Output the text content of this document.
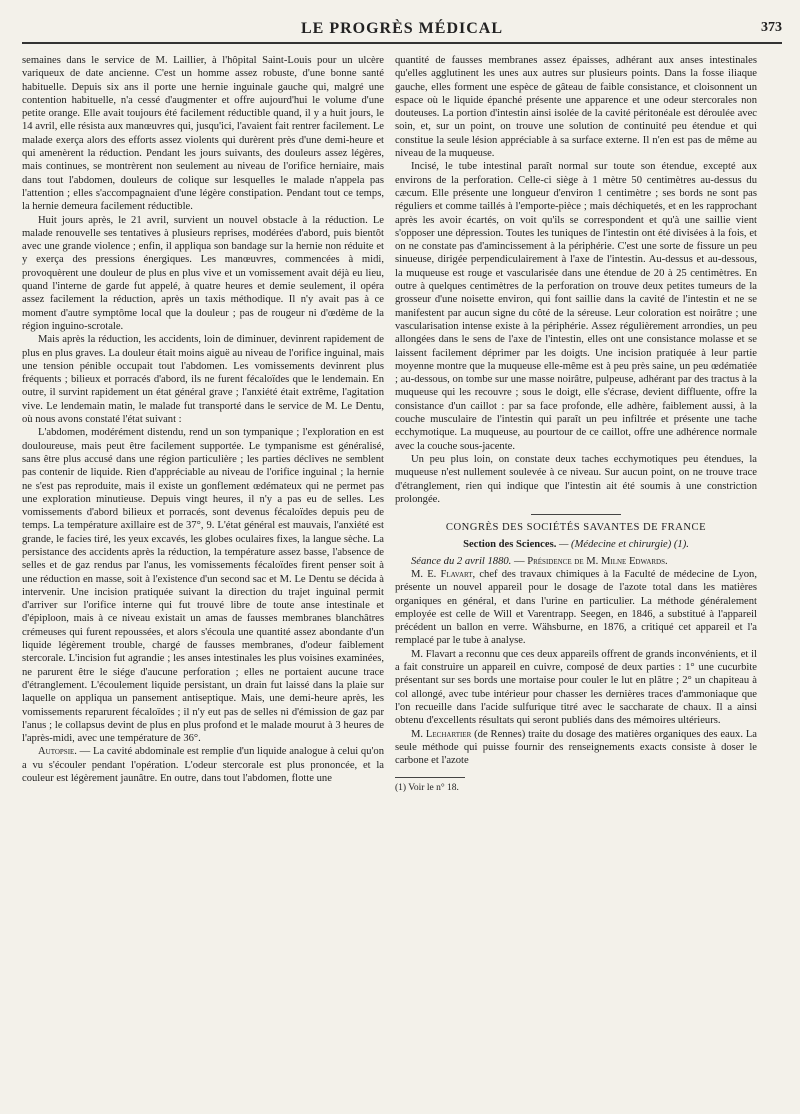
LE PROGRÈS MÉDICAL	373

semaines dans le service de M. Laillier, à l'hôpital Saint-Louis pour un ulcère variqueux de date ancienne. C'est un homme assez robuste, d'une bonne santé habituelle. Depuis six ans il porte une hernie inguinale gauche qui, malgré une contention habituelle, n'a cessé d'augmenter et offre aujourd'hui le volume d'une petite orange. Elle avait toujours été facilement réductible quand, il y a huit jours, le 14 avril, elle résista aux manœuvres qui, jusqu'ici, l'avaient fait rentrer facilement. Le malade exerça alors des efforts assez violents qui durèrent près d'une demi-heure et qui amenèrent la réduction. Pendant les jours suivants, des douleurs assez légères, mais continues, se montrèrent non seulement au niveau de l'orifice herniaire, mais dans tout l'abdomen, douleurs de colique sur lesquelles le malade n'appela pas l'attention ; elles s'accompagnaient d'une légère constipation. Pendant tout ce temps, la hernie demeura facilement réductible.

Huit jours après, le 21 avril, survient un nouvel obstacle à la réduction. Le malade renouvelle ses tentatives à plusieurs reprises, modérées d'abord, puis bientôt avec une grande violence ; enfin, il appliqua son bandage sur la hernie non réduite et y exerça des pressions énergiques. Les manœuvres, commencées à midi, provoquèrent une douleur de plus en plus vive et un vomissement avait déjà eu lieu, quand l'interne de garde fut appelé, à quatre heures et demie seulement, il opéra assez facilement la réduction, après un taxis méthodique. Il n'y avait pas à ce moment d'autre symptôme local que la douleur ; pas de rougeur ni d'œdème de la région inguino-scrotale.

Mais après la réduction, les accidents, loin de diminuer, devinrent rapidement de plus en plus graves. La douleur était moins aiguë au niveau de l'orifice inguinal, mais une tension pénible occupait tout l'abdomen. Les vomissements devinrent plus fréquents ; bilieux et porracés d'abord, ils ne furent fécaloïdes que le lendemain. En outre, il survint rapidement un état général grave ; l'anxiété était extrême, l'agitation vive. Le lendemain matin, le malade fut transporté dans le service de M. Le Dentu, où nous avons constaté l'état suivant :

L'abdomen, modérément distendu, rend un son tympanique ; l'exploration en est douloureuse, mais peut être facilement supportée. Le tympanisme est généralisé, sans être plus accusé dans une région particulière ; les parties déclives ne semblent pas contenir de liquide. Rien d'appréciable au niveau de l'orifice inguinal ; la hernie ne s'est pas reproduite, mais il existe un gonflement œdémateux qui ne permet pas une exploration minutieuse. Depuis vingt heures, il n'y a pas eu de selles. Les vomissements d'abord bilieux et porracés, sont devenus fécaloïdes depuis peu de temps. La température axillaire est de 37°, 9. L'état général est mauvais, l'anxiété est grande, le facies tiré, les yeux excavés, les globes oculaires fixes, la langue sèche. La persistance des accidents après la réduction, la température assez basse, l'absence de selles et de gaz rendus par l'anus, les vomissements fécaloïdes firent penser soit à une réduction en masse, soit à l'existence d'un second sac et M. Le Dentu se décida à intervenir. Une incision pratiquée suivant la direction du trajet inguinal permit d'arriver sur l'orifice interne qui fut trouvé libre de toute anse intestinale et d'épiploon, mais à ce niveau existait un amas de fausses membranes blanchâtres crémeuses qui furent repoussées, et alors s'écoula une quantité assez abondante d'un liquide légèrement trouble, chargé de fausses membranes, d'odeur faiblement stercorale. L'incision fut agrandie ; les anses intestinales les plus voisines examinées, ne parurent être le siége d'aucune perforation ; elles ne portaient aucune trace d'étranglement. L'écoulement liquide persistant, un drain fut laissé dans la plaie sur laquelle on appliqua un pansement antiseptique. Mais, une demi-heure après, les vomissements reparurent fécaloïdes ; il n'y eut pas de selles ni d'émission de gaz par l'anus ; le collapsus devint de plus en plus profond et le malade mourut à 3 heures de l'après-midi, avec une température de 36°.

Autopsie. — La cavité abdominale est remplie d'un liquide analogue à celui qu'on a vu s'écouler pendant l'opération. L'odeur stercorale est plus prononcée, et la couleur est légèrement jaunâtre. En outre, dans tout l'abdomen, flotte une

quantité de fausses membranes assez épaisses, adhérant aux anses intestinales qu'elles agglutinent les unes aux autres sur plusieurs points. Dans la fosse iliaque gauche, elles forment une espèce de gâteau de faible consistance, et cloisonnent un espace où le liquide épanché présente une apparence et une odeur stercorales non douteuses. La portion d'intestin ainsi isolée de la cavité péritonéale est déroulée avec soin, et, sur un point, on trouve une solution de continuité peu étendue et qui constitue la seule lésion appréciable à sa surface externe. Il n'en est pas de même au niveau de la muqueuse.

Incisé, le tube intestinal paraît normal sur toute son étendue, excepté aux environs de la perforation. Celle-ci siège à 1 mètre 50 centimètres au-dessus du cæcum. Elle présente une longueur d'environ 1 centimètre ; ses bords ne sont pas réguliers et comme taillés à l'emporte-pièce ; mais déchiquetés, et en les rapprochant après les avoir écartés, on voit qu'ils se correspondent et qu'à une saillie vient s'opposer une dépression. Toutes les tuniques de l'intestin ont été divisées à la fois, et on ne constate pas d'amincissement à la périphérie. C'est une sorte de fissure un peu sinueuse, dirigée perpendiculairement à l'axe de l'intestin. Au-dessus et au-dessous, la muqueuse est rouge et vascularisée dans une étendue de 20 à 25 centimètres. En outre à quelques centimètres de la perforation on trouve deux petites tumeurs de la grosseur d'une noisette environ, qui font saillie dans la cavité de l'intestin et ne se manifestent par aucun signe du côté de la séreuse. Leur coloration est noirâtre ; une vascularisation intense existe à la périphérie. Assez régulièrement arrondies, un peu allongées dans le sens de l'axe de l'intestin, elles ont une consistance molasse et se laissent facilement déprimer par les doigts. Une incision pratiquée à leur partie moyenne montre que la muqueuse elle-même est à peu près saine, un peu œdématiée ; au-dessous, on tombe sur une masse noirâtre, pulpeuse, adhérant par des tractus à la muqueuse qui les recouvre ; sous le doigt, elle s'écrase, devient diffluente, offre la consistance d'un caillot : par sa face profonde, elle adhère, faiblement aussi, à la couche musculaire de l'intestin qui paraît un peu infiltrée et présente une tache ecchymotique. La muqueuse, au pourtour de ce caillot, offre une adhérence normale avec la couche sous-jacente.

Un peu plus loin, on constate deux taches ecchymotiques peu étendues, la muqueuse n'est nullement soulevée à ce niveau. Sur aucun point, on ne trouve trace d'étranglement, rien qui indique que l'intestin ait été soumis à une constriction prolongée.

CONGRÈS DES SOCIÉTÉS SAVANTES DE FRANCE
Section des Sciences. — (Médecine et chirurgie) (1).

Séance du 2 avril 1880. — Présidence de M. Milne Edwards.

M. E. Flavart, chef des travaux chimiques à la Faculté de médecine de Lyon, présente un nouvel appareil pour le dosage de l'azote total dans les matières organiques en général, et dans l'urine en particulier. La méthode généralement employée est celle de Will et Varentrapp. Seegen, en 1846, a substitué à l'appareil précédent un ballon en verre. Wähsburne, en 1876, a critiqué cet appareil et l'a remplacé par le tube à analyse.

M. Flavart a reconnu que ces deux appareils offrent de grands inconvénients, et il a fait construire un appareil en cuivre, composé de deux parties : 1° une cucurbite présentant sur ses bords une mortaise pour couler le lut en plâtre ; 2° un chapiteau à col allongé, avec tube intérieur pour chasser les dernières traces d'ammoniaque que l'on recueille dans l'acide sulfurique titré avec le saccharate de chaux. Il a ainsi obtenu d'excellents résultats qui seront publiés dans des mémoires ultérieurs.

M. Lechartier (de Rennes) traite du dosage des matières organiques des eaux. La seule méthode qui puisse fournir des renseignements exacts consiste à doser le carbone et l'azote

(1) Voir le n° 18.
